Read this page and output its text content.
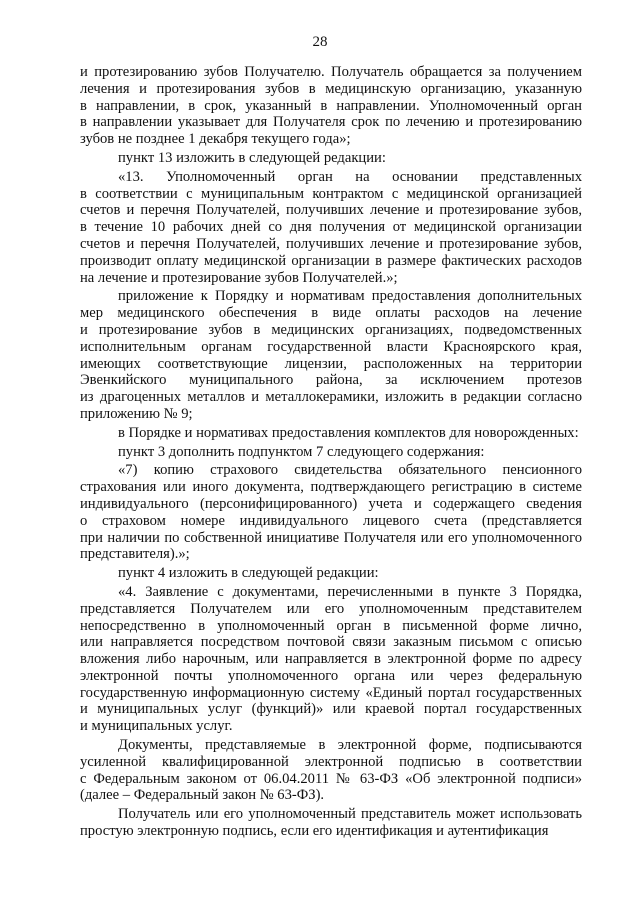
28
и протезированию зубов Получателю. Получатель обращается за получением
лечения и протезирования зубов в медицинскую организацию, указанную
в направлении, в срок, указанный в направлении. Уполномоченный орган
в направлении указывает для Получателя срок по лечению и протезированию
зубов не позднее 1 декабря текущего года»;
пункт 13 изложить в следующей редакции:
«13. Уполномоченный орган на основании представленных
в соответствии с муниципальным контрактом с медицинской организацией
счетов и перечня Получателей, получивших лечение и протезирование зубов,
в течение 10 рабочих дней со дня получения от медицинской организации
счетов и перечня Получателей, получивших лечение и протезирование зубов,
производит оплату медицинской организации в размере фактических расходов
на лечение и протезирование зубов Получателей.»;
приложение к Порядку и нормативам предоставления дополнительных
мер медицинского обеспечения в виде оплаты расходов на лечение
и протезирование зубов в медицинских организациях, подведомственных
исполнительным органам государственной власти Красноярского края,
имеющих соответствующие лицензии, расположенных на территории
Эвенкийского муниципального района, за исключением протезов
из драгоценных металлов и металлокерамики, изложить в редакции согласно
приложению № 9;
в Порядке и нормативах предоставления комплектов для новорожденных:
пункт 3 дополнить подпунктом 7 следующего содержания:
«7) копию страхового свидетельства обязательного пенсионного
страхования или иного документа, подтверждающего регистрацию в системе
индивидуального (персонифицированного) учета и содержащего сведения
о страховом номере индивидуального лицевого счета (представляется
при наличии по собственной инициативе Получателя или его уполномоченного
представителя).»;
пункт 4 изложить в следующей редакции:
«4. Заявление с документами, перечисленными в пункте 3 Порядка,
представляется Получателем или его уполномоченным представителем
непосредственно в уполномоченный орган в письменной форме лично,
или направляется посредством почтовой связи заказным письмом с описью
вложения либо нарочным, или направляется в электронной форме по адресу
электронной почты уполномоченного органа или через федеральную
государственную информационную систему «Единый портал государственных
и муниципальных услуг (функций)» или краевой портал государственных
и муниципальных услуг.
Документы, представляемые в электронной форме, подписываются
усиленной квалифицированной электронной подписью в соответствии
с Федеральным законом от 06.04.2011 № 63-ФЗ «Об электронной подписи»
(далее – Федеральный закон № 63-ФЗ).
Получатель или его уполномоченный представитель может использовать
простую электронную подпись, если его идентификация и аутентификация
